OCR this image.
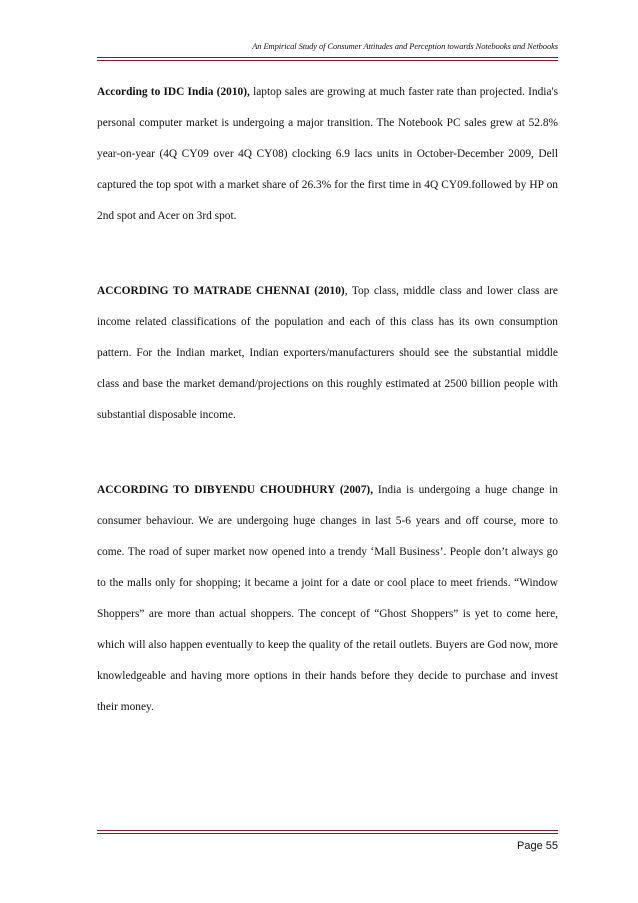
An Empirical Study of Consumer Attitudes and Perception towards Notebooks and Netbooks

According to IDC India (2010), laptop sales are growing at much faster rate than projected. India's personal computer market is undergoing a major transition. The Notebook PC sales grew at 52.8% year-on-year (4Q CY09 over 4Q CY08) clocking 6.9 lacs units in October-December 2009, Dell captured the top spot with a market share of 26.3% for the first time in 4Q CY09.followed by HP on 2nd spot and Acer on 3rd spot.

ACCORDING TO MATRADE CHENNAI (2010), Top class, middle class and lower class are income related classifications of the population and each of this class has its own consumption pattern. For the Indian market, Indian exporters/manufacturers should see the substantial middle class and base the market demand/projections on this roughly estimated at 2500 billion people with substantial disposable income.

ACCORDING TO DIBYENDU CHOUDHURY (2007), India is undergoing a huge change in consumer behaviour. We are undergoing huge changes in last 5-6 years and off course, more to come. The road of super market now opened into a trendy ‘Mall Business’. People don’t always go to the malls only for shopping; it became a joint for a date or cool place to meet friends. “Window Shoppers” are more than actual shoppers. The concept of “Ghost Shoppers” is yet to come here, which will also happen eventually to keep the quality of the retail outlets. Buyers are God now, more knowledgeable and having more options in their hands before they decide to purchase and invest their money.

Page 55
